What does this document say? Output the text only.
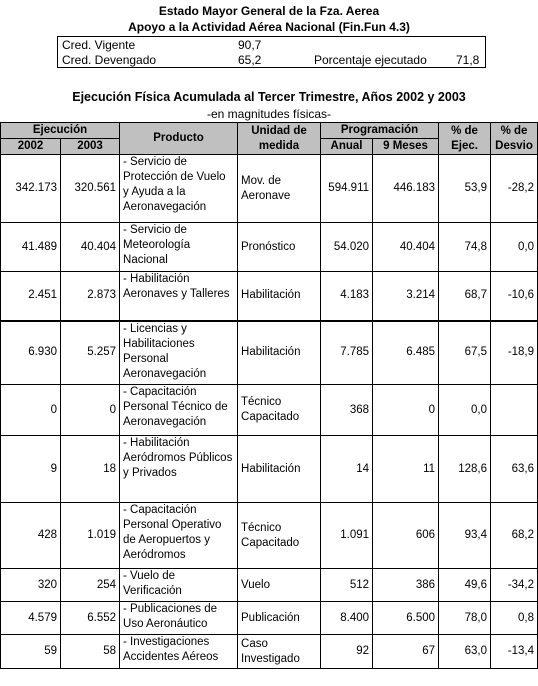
Estado Mayor General de la Fza. Aerea
Apoyo a la Actividad Aérea Nacional (Fin.Fun 4.3)
Cred. Vigente	90,7
Cred. Devengado	65,2	Porcentaje ejecutado 71,8
Ejecución Física Acumulada al Tercer Trimestre, Años 2002 y 2003
-en magnitudes físicas-
Ejecución		Producto	Unidad de medida	Programación		% de Ejec.	% de Desvio
2002	2003			Anual	9 Meses		
342.173	320.561	- Servicio de Protección de Vuelo y Ayuda a la Aeronavegación	Mov. de Aeronave	594.911	446.183	53,9	-28,2
41.489	40.404	- Servicio de Meteorología Nacional	Pronóstico	54.020	40.404	74,8	0,0
2.451	2.873	- Habilitación Aeronaves y Talleres	Habilitación	4.183	3.214	68,7	-10,6
6.930	5.257	- Licencias y Habilitaciones Personal Aeronavegación	Habilitación	7.785	6.485	67,5	-18,9
0	0	- Capacitación Personal Técnico de Aeronavegación	Técnico Capacitado	368	0	0,0	
9	18	- Habilitación Aeródromos Públicos y Privados	Habilitación	14	11	128,6	63,6
428	1.019	- Capacitación Personal Operativo de Aeropuertos y Aeródromos	Técnico Capacitado	1.091	606	93,4	68,2
320	254	- Vuelo de Verificación	Vuelo	512	386	49,6	-34,2
4.579	6.552	- Publicaciones de Uso Aeronáutico	Publicación	8.400	6.500	78,0	0,8
59	58	- Investigaciones Accidentes Aéreos	Caso Investigado	92	67	63,0	-13,4
